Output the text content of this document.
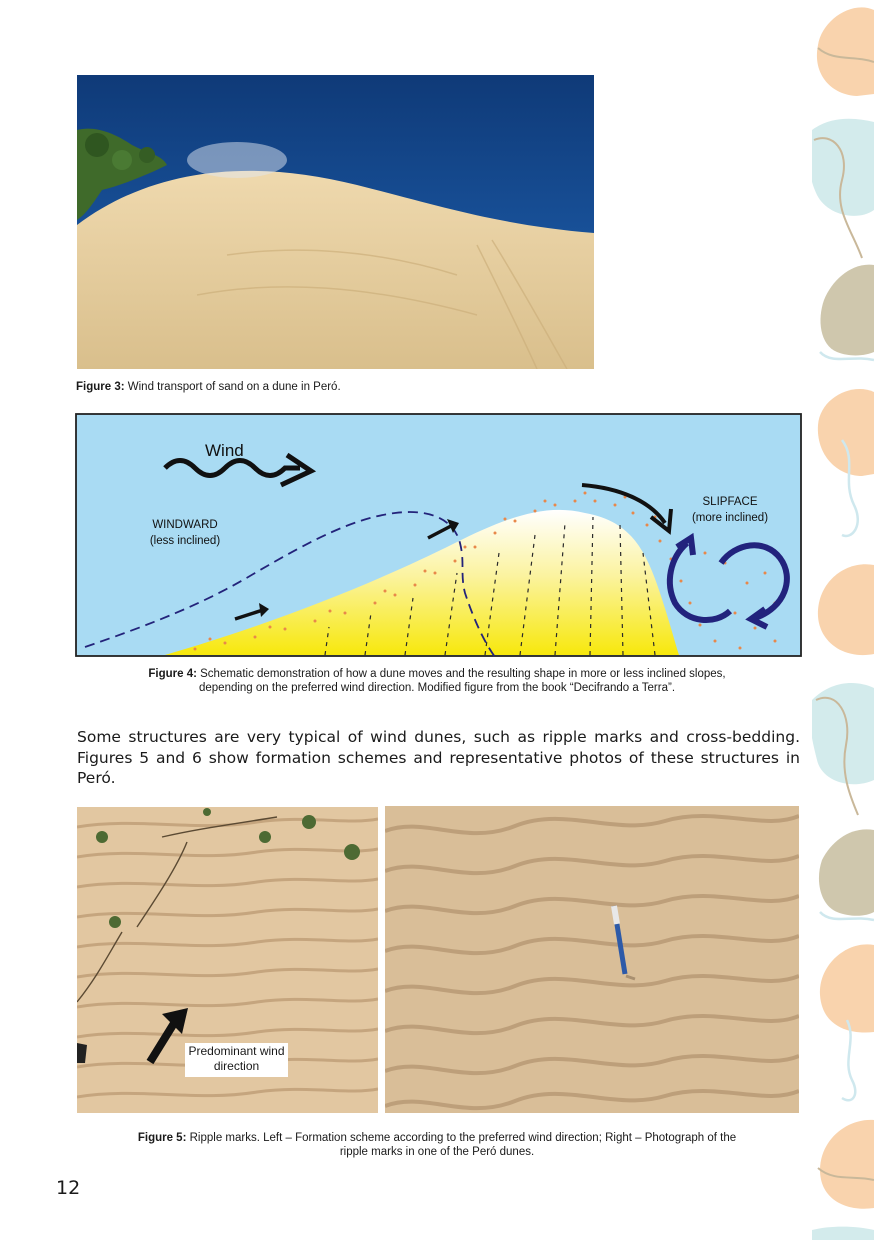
Figure 3: Wind transport of sand on a dune in Peró.
Wind
WINDWARD
(less inclined)
SLIPFACE
(more inclined)
Figure 4: Schematic demonstration of how a dune moves and the resulting shape in more or less inclined slopes,
depending on the preferred wind direction. Modified figure from the book “Decifrando a Terra”.
Some structures are very typical of wind dunes, such as ripple marks and cross-bedding. Figures 5 and 6 show formation schemes and representative photos of these structures in Peró.
Predominant wind
direction
Figure 5: Ripple marks. Left – Formation scheme according to the preferred wind direction; Right – Photograph of the
ripple marks in one of the Peró dunes.
12
